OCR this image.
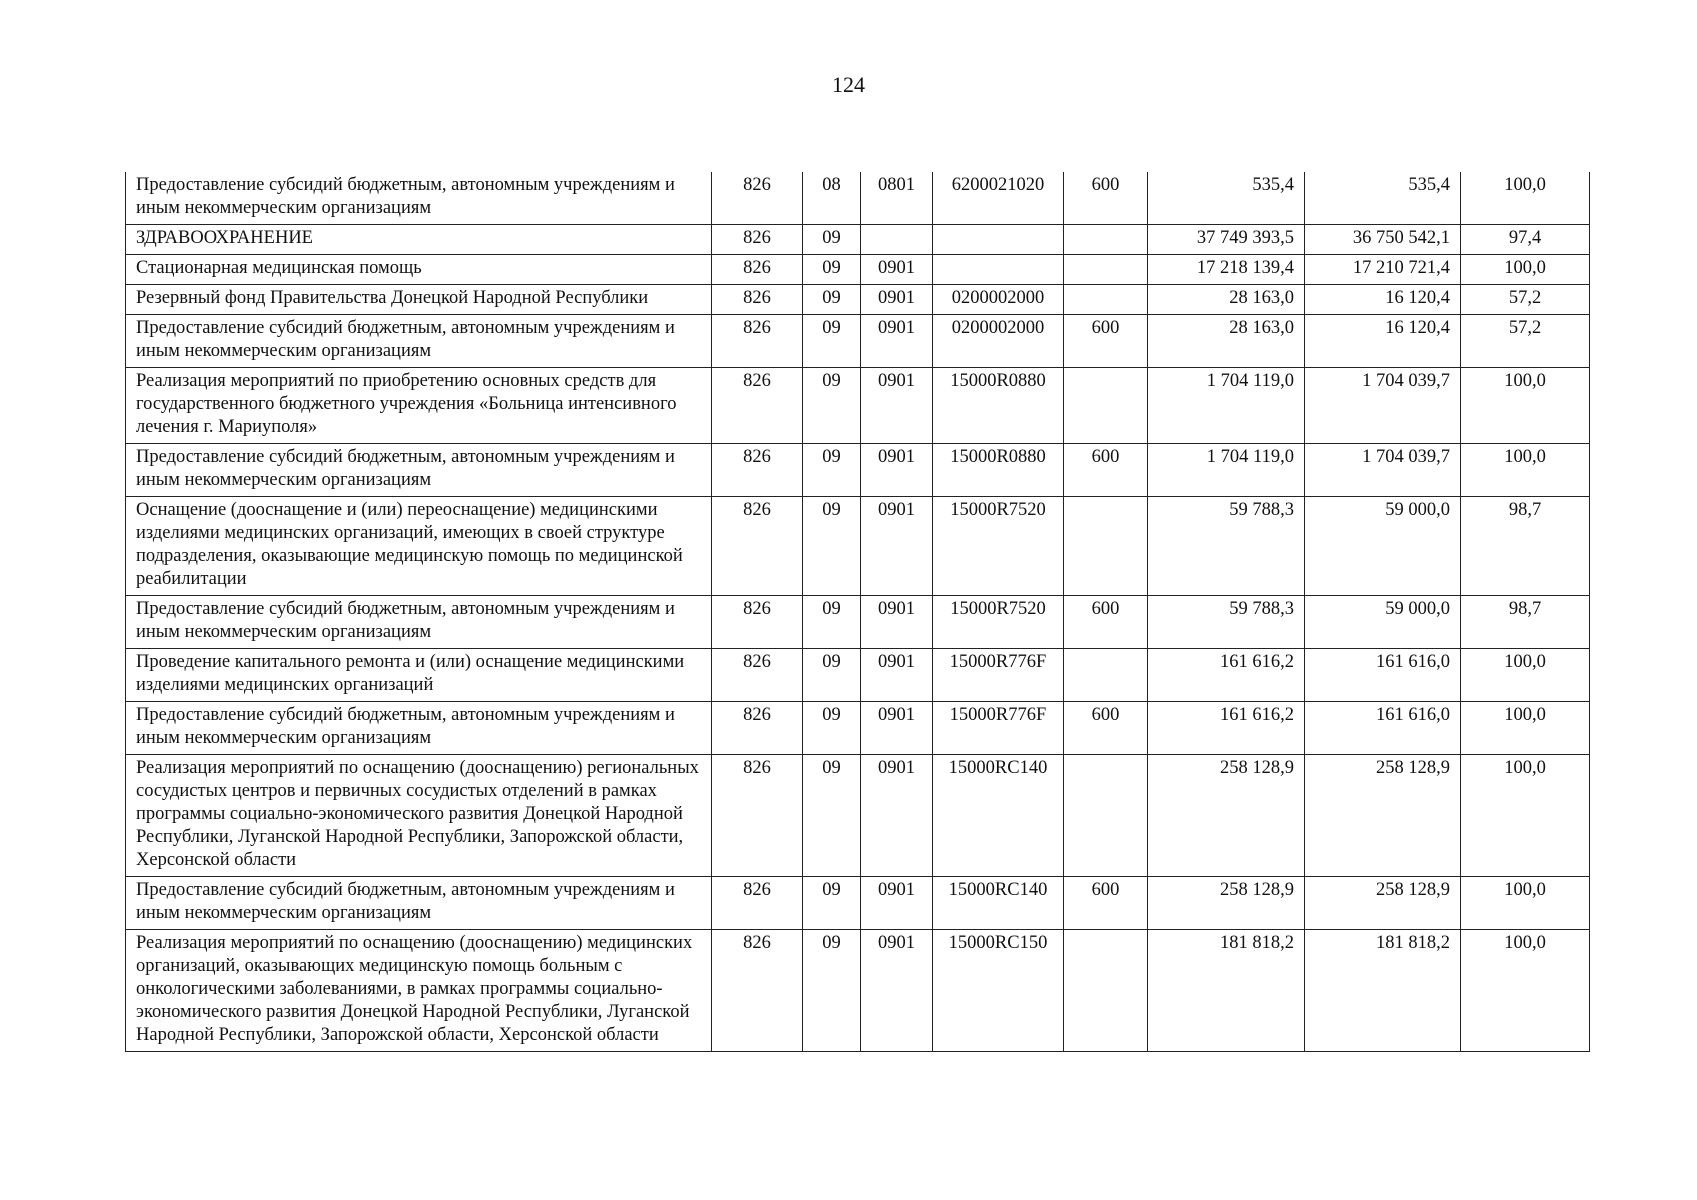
124
Предоставление субсидий бюджетным, автономным учреждениям и иным некоммерческим организациям	826	08	0801	6200021020	600	535,4	535,4	100,0
ЗДРАВООХРАНЕНИЕ	826	09				37 749 393,5	36 750 542,1	97,4
Стационарная медицинская помощь	826	09	0901			17 218 139,4	17 210 721,4	100,0
Резервный фонд Правительства Донецкой Народной Республики	826	09	0901	0200002000		28 163,0	16 120,4	57,2
Предоставление субсидий бюджетным, автономным учреждениям и иным некоммерческим организациям	826	09	0901	0200002000	600	28 163,0	16 120,4	57,2
Реализация мероприятий по приобретению основных средств для государственного бюджетного учреждения «Больница интенсивного лечения г. Мариуполя»	826	09	0901	15000R0880		1 704 119,0	1 704 039,7	100,0
Предоставление субсидий бюджетным, автономным учреждениям и иным некоммерческим организациям	826	09	0901	15000R0880	600	1 704 119,0	1 704 039,7	100,0
Оснащение (дооснащение и (или) переоснащение) медицинскими изделиями медицинских организаций, имеющих в своей структуре подразделения, оказывающие медицинскую помощь по медицинской реабилитации	826	09	0901	15000R7520		59 788,3	59 000,0	98,7
Предоставление субсидий бюджетным, автономным учреждениям и иным некоммерческим организациям	826	09	0901	15000R7520	600	59 788,3	59 000,0	98,7
Проведение капитального ремонта и (или) оснащение медицинскими изделиями медицинских организаций	826	09	0901	15000R776F		161 616,2	161 616,0	100,0
Предоставление субсидий бюджетным, автономным учреждениям и иным некоммерческим организациям	826	09	0901	15000R776F	600	161 616,2	161 616,0	100,0
Реализация мероприятий по оснащению (дооснащению) региональных сосудистых центров и первичных сосудистых отделений в рамках программы социально-экономического развития Донецкой Народной Республики, Луганской Народной Республики, Запорожской области, Херсонской области	826	09	0901	15000RC140		258 128,9	258 128,9	100,0
Предоставление субсидий бюджетным, автономным учреждениям и иным некоммерческим организациям	826	09	0901	15000RC140	600	258 128,9	258 128,9	100,0
Реализация мероприятий по оснащению (дооснащению) медицинских организаций, оказывающих медицинскую помощь больным с онкологическими заболеваниями, в рамках программы социально-экономического развития Донецкой Народной Республики, Луганской Народной Республики, Запорожской области, Херсонской области	826	09	0901	15000RC150		181 818,2	181 818,2	100,0
